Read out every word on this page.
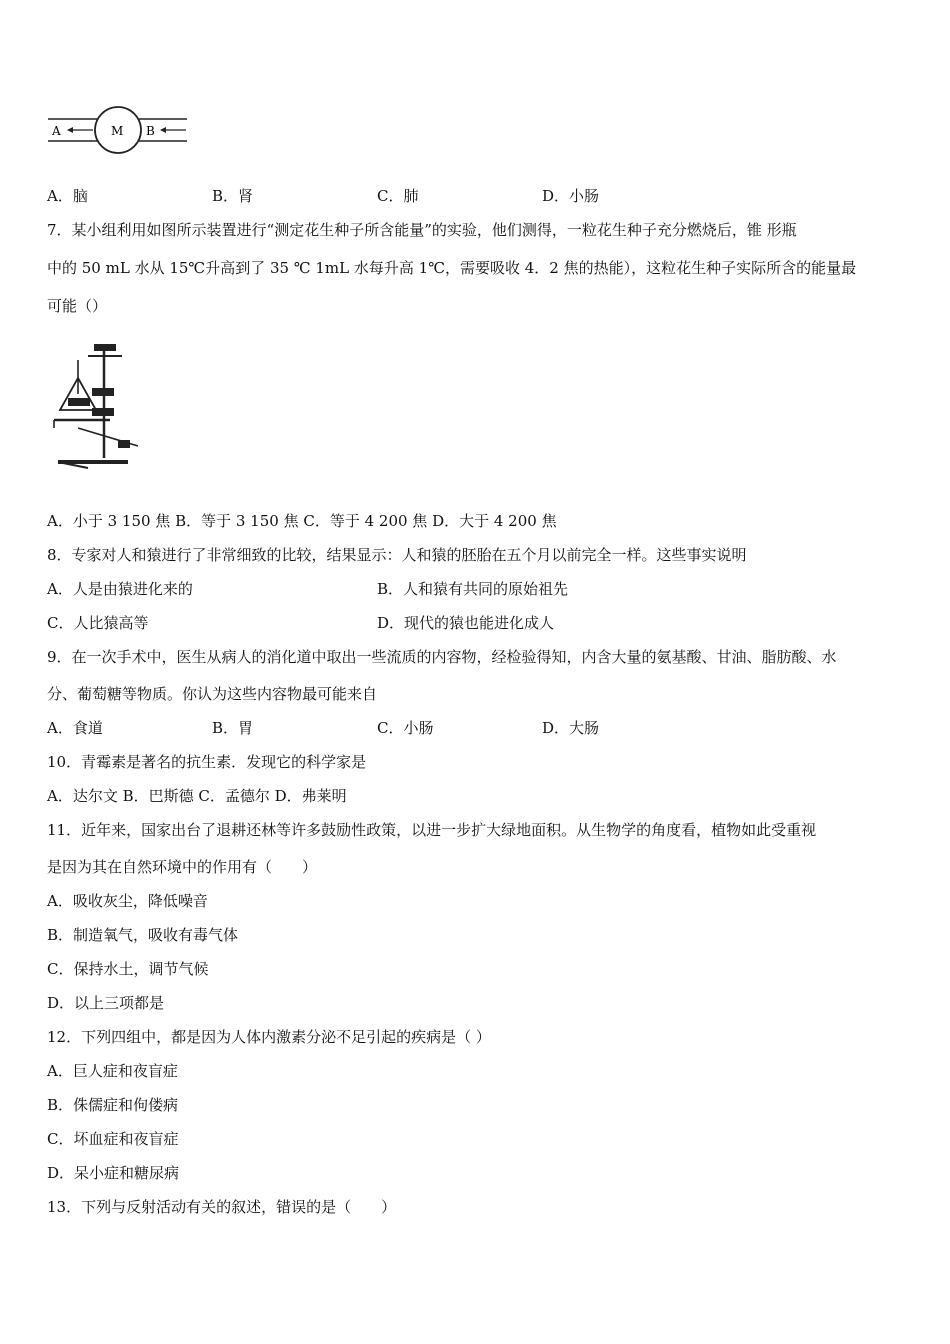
A	M B
A．脑	B．肾	C．肺	D．小肠
7．某小组利用如图所示装置进行“测定花生种子所含能量”的实验，他们测得，一粒花生种子充分燃烧后，锥 形瓶
中的 50 mL 水从 15℃升高到了 35 ℃ 1mL 水每升高 1℃，需要吸收 4．2 焦的热能），这粒花生种子实际所含的能量最
可能（）
A．小于 3 150 焦 B．等于 3 150 焦 C．等于 4 200 焦 D．大于 4 200 焦
8．专家对人和猿进行了非常细致的比较，结果显示：人和猿的胚胎在五个月以前完全一样。这些事实说明
A．人是由猿进化来的	B．人和猿有共同的原始祖先
C．人比猿高等	D．现代的猿也能进化成人
9．在一次手术中，医生从病人的消化道中取出一些流质的内容物，经检验得知，内含大量的氨基酸、甘油、脂肪酸、水
分、葡萄糖等物质。你认为这些内容物最可能来自
A．食道	B．胃	C．小肠	D．大肠
10．青霉素是著名的抗生素．发现它的科学家是
A．达尔文 B．巴斯德 C．孟德尔 D．弗莱明
11．近年来，国家出台了退耕还林等许多鼓励性政策，以进一步扩大绿地面积。从生物学的角度看，植物如此受重视
是因为其在自然环境中的作用有（　　）
A．吸收灰尘，降低噪音
B．制造氧气，吸收有毒气体
C．保持水土，调节气候
D．以上三项都是
12．下列四组中，都是因为人体内激素分泌不足引起的疾病是（ ）
A．巨人症和夜盲症
B．侏儒症和佝偻病
C．坏血症和夜盲症
D．呆小症和糖尿病
13．下列与反射活动有关的叙述，错误的是（　　）
